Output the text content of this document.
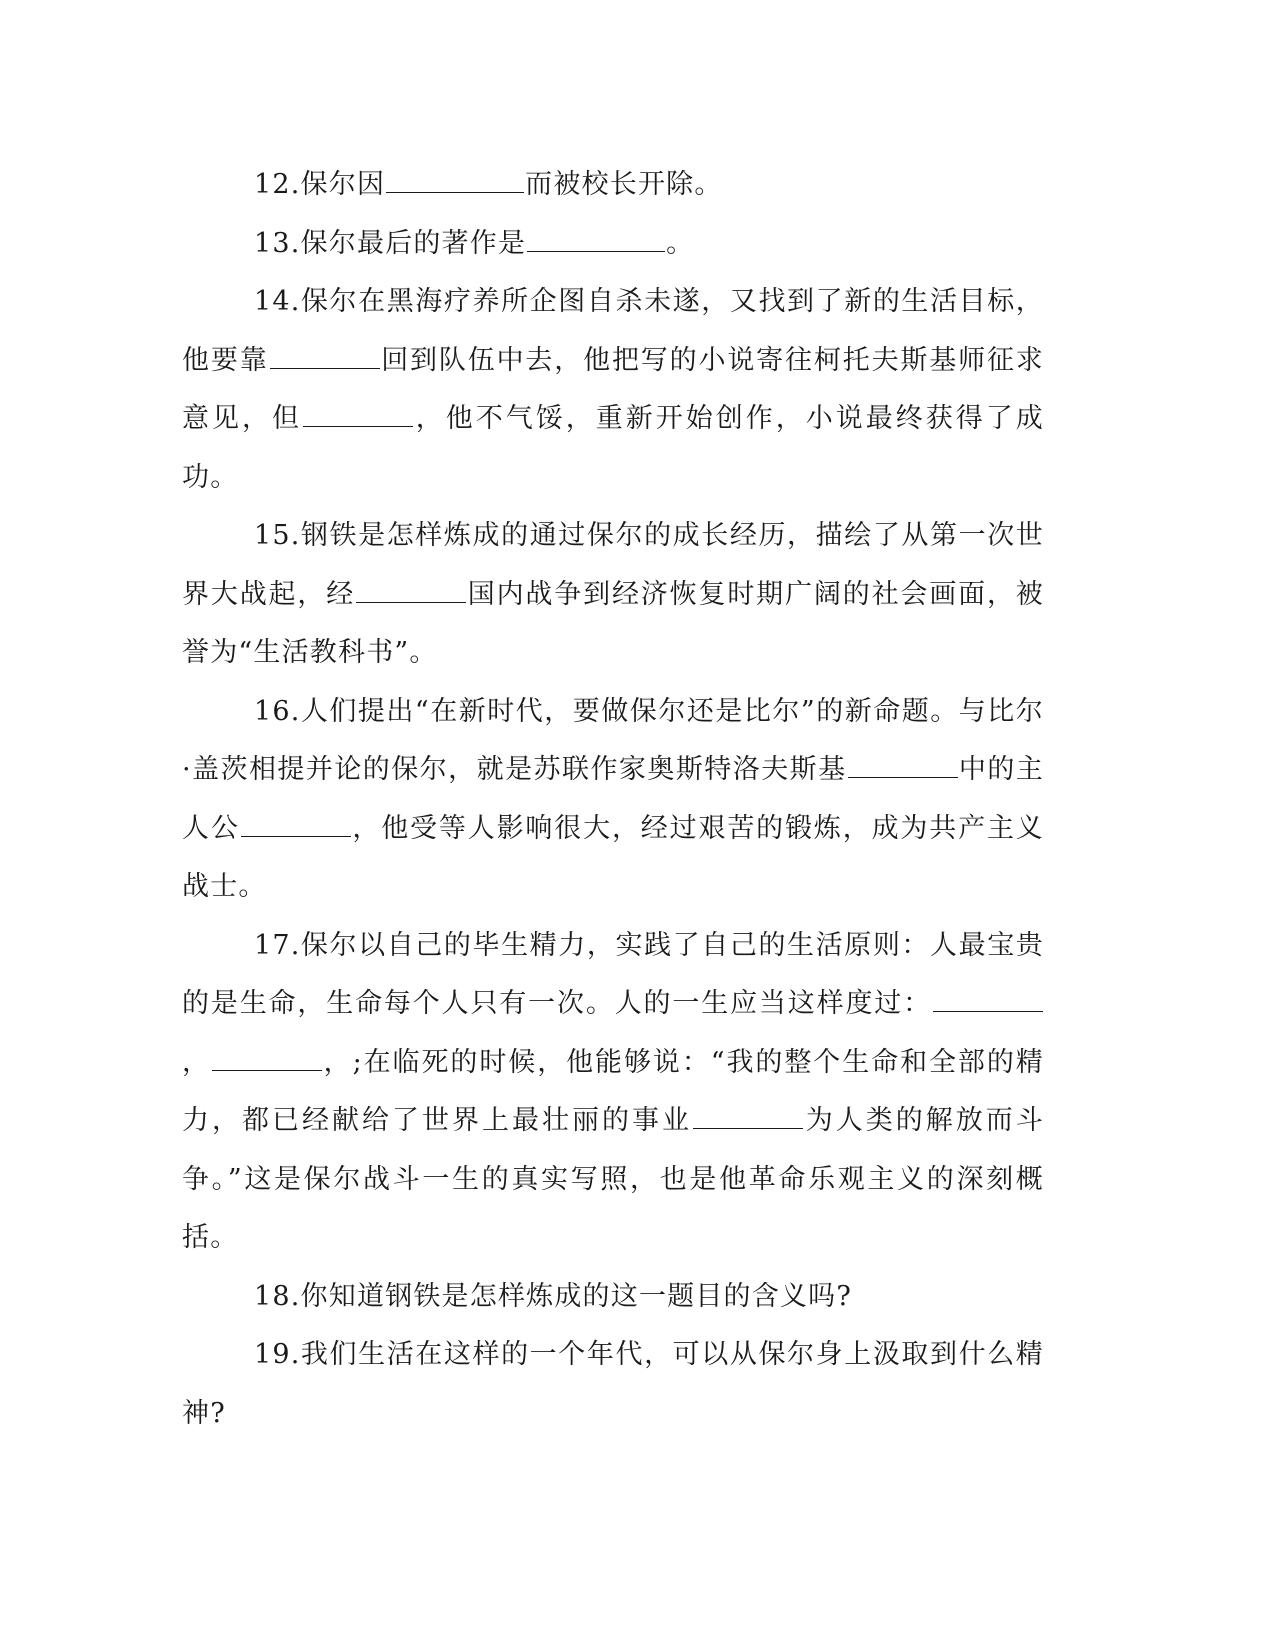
12.保尔因	而被校长开除。

13.保尔最后的著作是	。

14.保尔在黑海疗养所企图自杀未遂，又找到了新的生活目标，他要靠	回到队伍中去，他把写的小说寄往柯托夫斯基师征求意见，但	，他不气馁，重新开始创作，小说最终获得了成功。

15.钢铁是怎样炼成的通过保尔的成长经历，描绘了从第一次世界大战起，经	国内战争到经济恢复时期广阔的社会画面，被誉为“生活教科书”。

16.人们提出“在新时代，要做保尔还是比尔”的新命题。与比尔·盖茨相提并论的保尔，就是苏联作家奥斯特洛夫斯基	中的主人公	，他受等人影响很大，经过艰苦的锻炼，成为共产主义战士。

17.保尔以自己的毕生精力，实践了自己的生活原则：人最宝贵的是生命，生命每个人只有一次。人的一生应当这样度过：，	，;在临死的时候，他能够说：“我的整个生命和全部的精力，都已经献给了世界上最壮丽的事业	为人类的解放而斗争。”这是保尔战斗一生的真实写照，也是他革命乐观主义的深刻概括。

18.你知道钢铁是怎样炼成的这一题目的含义吗?

19.我们生活在这样的一个年代，可以从保尔身上汲取到什么精神?
